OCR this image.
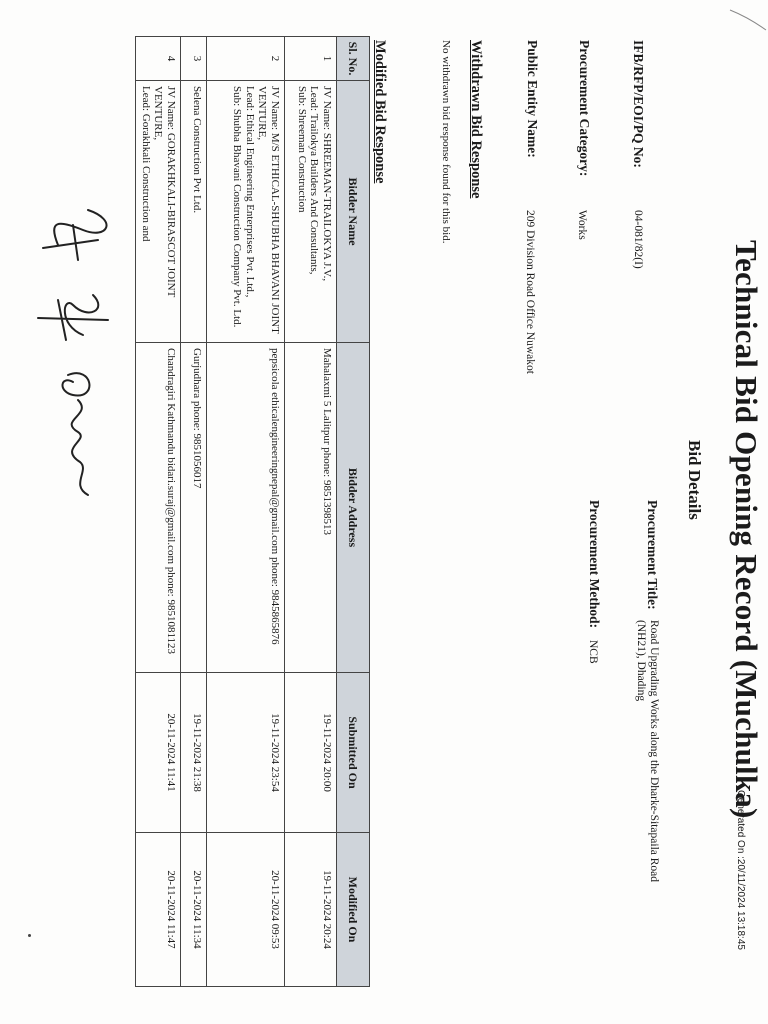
Technical Bid Opening Record (Muchulka)
Generated On :20/11/2024 13:18:45
Bid Details
IFB/RFP/EOI/PQ No:
04-081/82(I)
Procurement Title:
Road Upgrading Works along the Dharke-Sitapaila Road (NH21), Dhading
Procurement Category:
Works
Procurement Method:
NCB
Public Entity Name:
209 Division Road Office Nuwakot
Withdrawn Bid Response
No withdrawn bid response found for this bid.
Modified Bid Response
Sl. No.	Bidder Name	Bidder Address	Submitted On	Modified On
1	JV Name: SHREEMAN-TRAILOKYA J.V.,
Lead: Trailokya Builders And Consultants,
Sub: Shreeman Construction	Mahalaxmi 5 Lalitpur phone: 9851398513	19-11-2024 20:00	19-11-2024 20:24
2	JV Name: M/S ETHICAL-SHUBHA BHAVANI JOINT VENTURE,
Lead: Ethical Engineering Enterprises Pvt. Ltd.,
Sub: Shubha Bhavani Construction Company Pvt. Ltd.	pepsicola ethicalengineeringnepal@gmail.com phone: 9845865876	19-11-2024 23:54	20-11-2024 09:53
3	Selena Construction Pvt Ltd.	Gurjudhara phone: 9851056017	19-11-2024 21:38	20-11-2024 11:34
4	JV Name: GORAKHKALI-BIRASCOT JOINT VENTURE,
Lead: Gorakhkali Construction and	Chandragiri Kathmandu bidari.suraj@gmail.com phone: 9851081123	20-11-2024 11:41	20-11-2024 11:47
